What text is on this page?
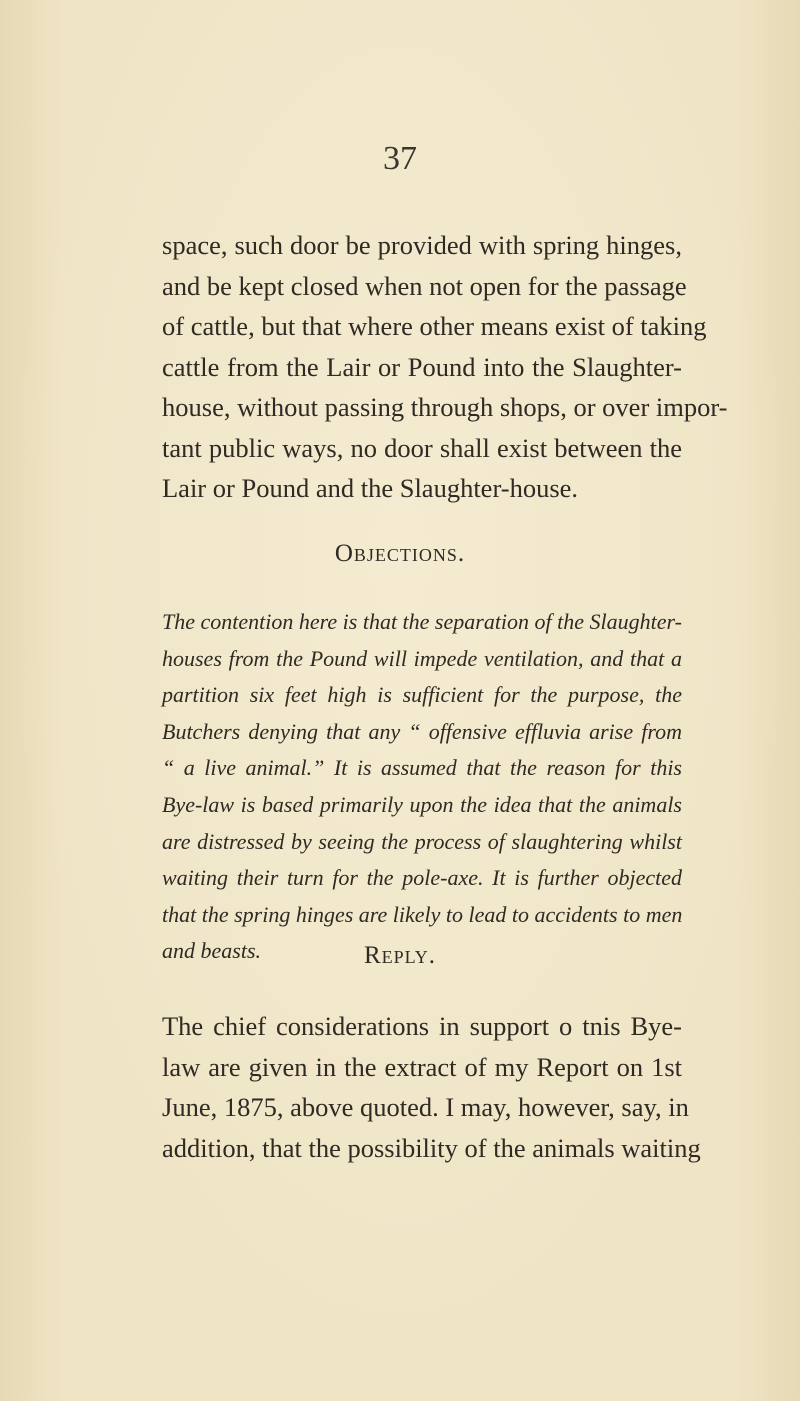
37
space, such door be provided with spring hinges,
and be kept closed when not open for the passage
of cattle, but that where other means exist of taking
cattle from the Lair or Pound into the Slaughter-
house, without passing through shops, or over impor-
tant public ways, no door shall exist between the
Lair or Pound and the Slaughter-house.
Objections.
The contention here is that the separation of the Slaughter-
houses from the Pound will impede ventilation, and that a
partition six feet high is sufficient for the purpose, the
Butchers denying that any “ offensive effluvia arise from
“ a live animal.” It is assumed that the reason for this
Bye-law is based primarily upon the idea that the animals
are distressed by seeing the process of slaughtering whilst
waiting their turn for the pole-axe. It is further objected
that the spring hinges are likely to lead to accidents to men
and beasts.	Reply.
The chief considerations in support o tnis Bye-
law are given in the extract of my Report on 1st
June, 1875, above quoted. I may, however, say, in
addition, that the possibility of the animals waiting
